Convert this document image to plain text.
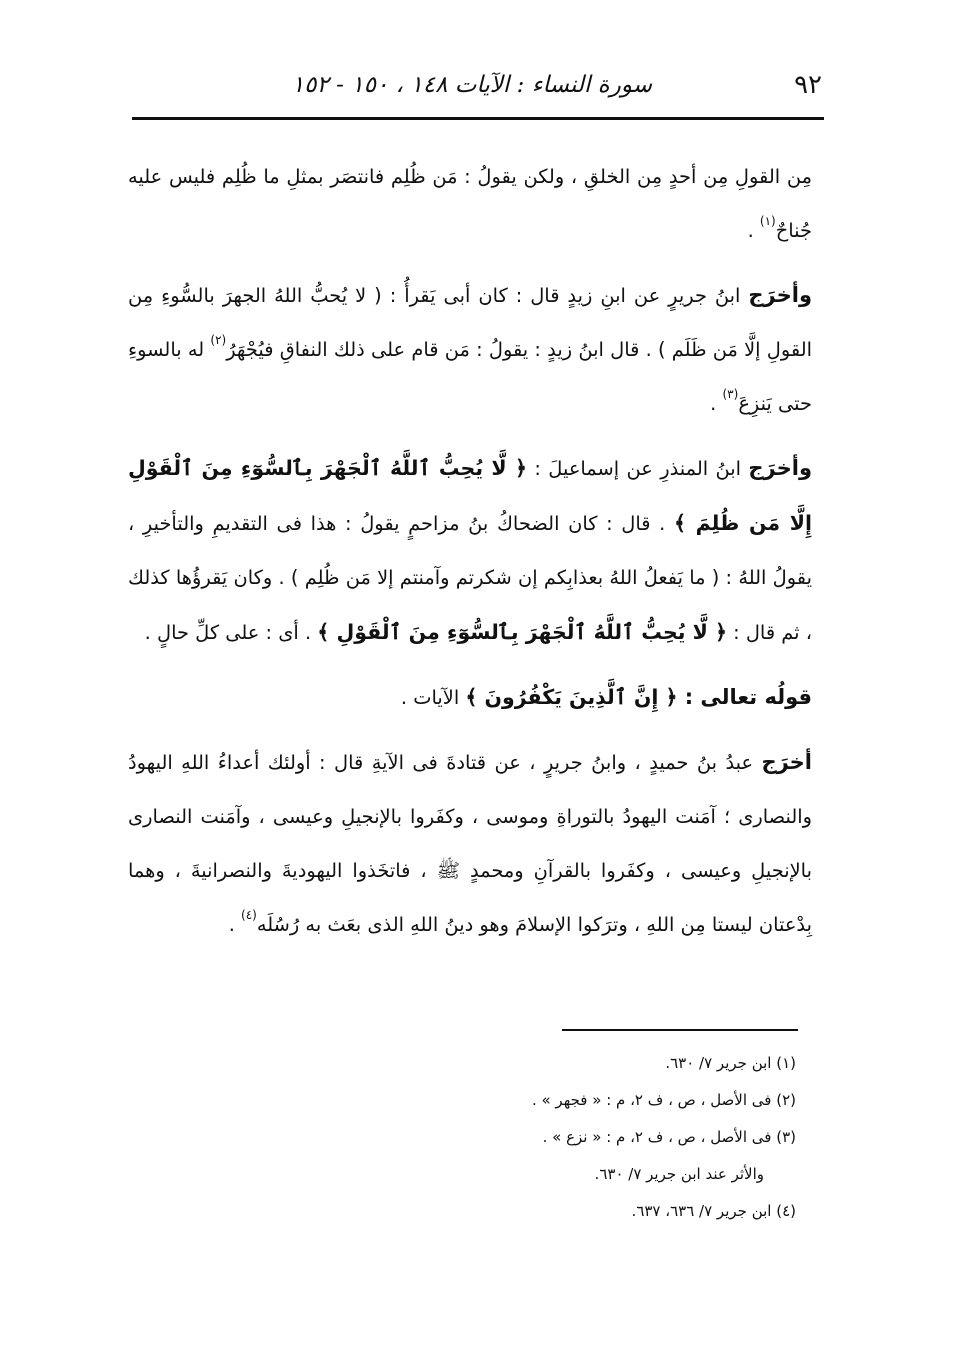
٩٢
سورة النساء : الآيات ١٤٨ ، ١٥٠ - ١٥٢

مِن القولِ مِن أحدٍ مِن الخلقِ ، ولكن يقولُ : مَن ظُلِم فانتصَر بمثلِ ما ظُلِم فليس عليه جُناحٌ$^{(١)}$ .

وأخرَج ابنُ جريرٍ عن ابنِ زيدٍ قال : كان أبى يَقرأُ : ( لا يُحبُّ اللهُ الجهرَ بالسُّوءِ مِن القولِ إلَّا مَن ظَلَم ) . قال ابنُ زيدٍ : يقولُ : مَن قام على ذلك النفاقِ فيُجْهَرُ$^{(٢)}$ له بالسوءِ حتى يَنزِعَ$^{(٣)}$ .

وأخرَج ابنُ المنذرِ عن إسماعيلَ : ﴿ لَّا يُحِبُّ ٱللَّهُ ٱلْجَهْرَ بِٱلسُّوٓءِ مِنَ ٱلْقَوْلِ إِلَّا مَن ظُلِمَ ﴾ . قال : كان الضحاكُ بنُ مزاحمٍ يقولُ : هذا فى التقديمِ والتأخيرِ ، يقولُ اللهُ : ( ما يَفعلُ اللهُ بعذابِكم إن شكرتم وآمنتم إلا مَن ظُلِم ) . وكان يَقرؤُها كذلك ، ثم قال : ﴿ لَّا يُحِبُّ ٱللَّهُ ٱلْجَهْرَ بِٱلسُّوٓءِ مِنَ ٱلْقَوْلِ ﴾ . أى : على كلِّ حالٍ .

قولُه تعالى : ﴿ إِنَّ ٱلَّذِينَ يَكْفُرُونَ ﴾ الآيات .

أخرَج عبدُ بنُ حميدٍ ، وابنُ جريرٍ ، عن قتادةَ فى الآيةِ قال : أولئك أعداءُ اللهِ اليهودُ والنصارى ؛ آمَنت اليهودُ بالتوراةِ وموسى ، وكفَروا بالإنجيلِ وعيسى ، وآمَنت النصارى بالإنجيلِ وعيسى ، وكفَروا بالقرآنِ ومحمدٍ ﷺ ، فاتخَذوا اليهوديةَ والنصرانيةَ ، وهما بِدْعتان ليستا مِن اللهِ ، وترَكوا الإسلامَ وهو دينُ اللهِ الذى بعَث به رُسُلَه$^{(٤)}$ .

(١) ابن جرير ٧/ ٦٣٠.

(٢) فى الأصل ، ص ، ف ٢، م : « فجهر » .

(٣) فى الأصل ، ص ، ف ٢، م : « نزع » .

والأثر عند ابن جرير ٧/ ٦٣٠.

(٤) ابن جرير ٧/ ٦٣٦، ٦٣٧.
